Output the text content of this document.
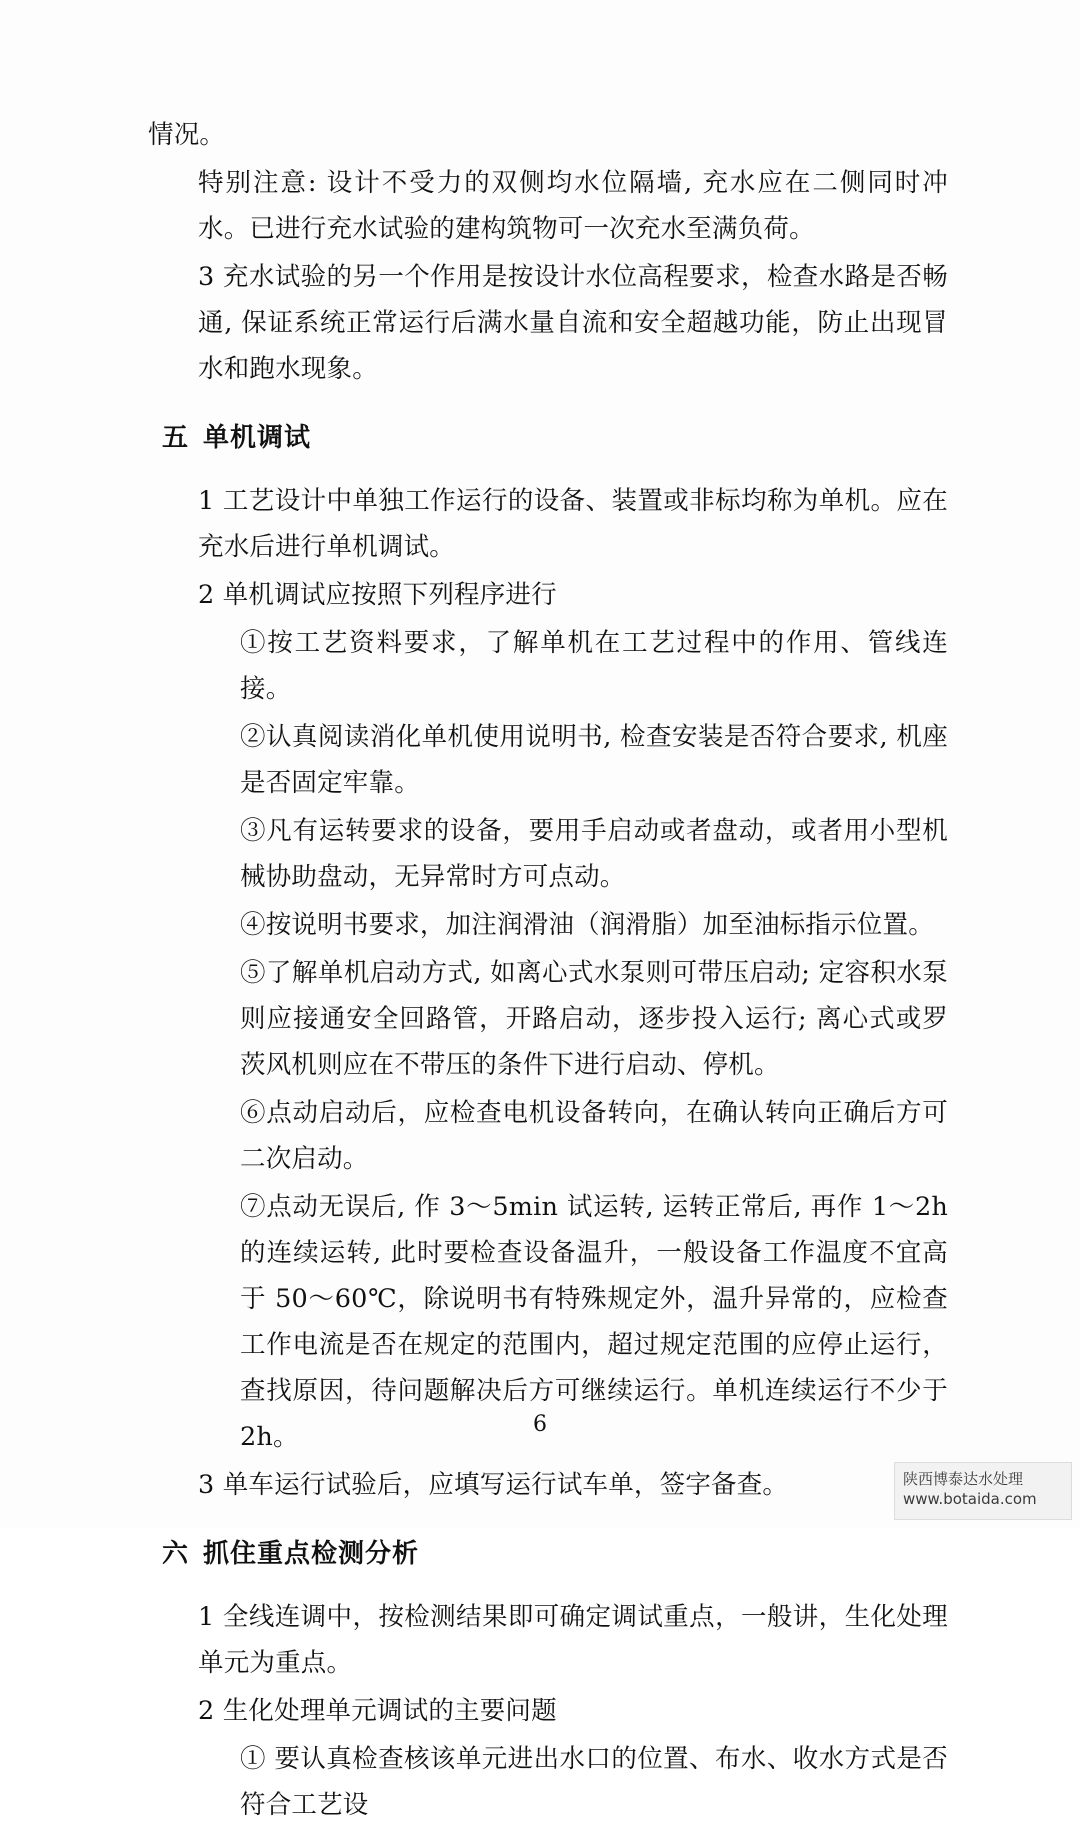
情况。

特别注意: 设计不受力的双侧均水位隔墙, 充水应在二侧同时冲水。已进行充水试验的建构筑物可一次充水至满负荷。

3 充水试验的另一个作用是按设计水位高程要求，检查水路是否畅通, 保证系统正常运行后满水量自流和安全超越功能，防止出现冒水和跑水现象。

五 单机调试

1 工艺设计中单独工作运行的设备、装置或非标均称为单机。应在充水后进行单机调试。

2 单机调试应按照下列程序进行

①按工艺资料要求，了解单机在工艺过程中的作用、管线连接。

②认真阅读消化单机使用说明书, 检查安装是否符合要求, 机座是否固定牢靠。

③凡有运转要求的设备，要用手启动或者盘动，或者用小型机械协助盘动，无异常时方可点动。

④按说明书要求，加注润滑油（润滑脂）加至油标指示位置。

⑤了解单机启动方式, 如离心式水泵则可带压启动; 定容积水泵则应接通安全回路管，开路启动，逐步投入运行; 离心式或罗茨风机则应在不带压的条件下进行启动、停机。

⑥点动启动后，应检查电机设备转向，在确认转向正确后方可二次启动。

⑦点动无误后, 作 3～5min 试运转, 运转正常后, 再作 1～2h 的连续运转, 此时要检查设备温升，一般设备工作温度不宜高于 50～60℃，除说明书有特殊规定外，温升异常的，应检查工作电流是否在规定的范围内，超过规定范围的应停止运行，查找原因，待问题解决后方可继续运行。单机连续运行不少于 2h。

3 单车运行试验后，应填写运行试车单，签字备查。

六 抓住重点检测分析

1 全线连调中，按检测结果即可确定调试重点，一般讲，生化处理单元为重点。

2 生化处理单元调试的主要问题

① 要认真检查核该单元进出水口的位置、布水、收水方式是否符合工艺设

6
陕西博泰达水处理
www.botaida.com
